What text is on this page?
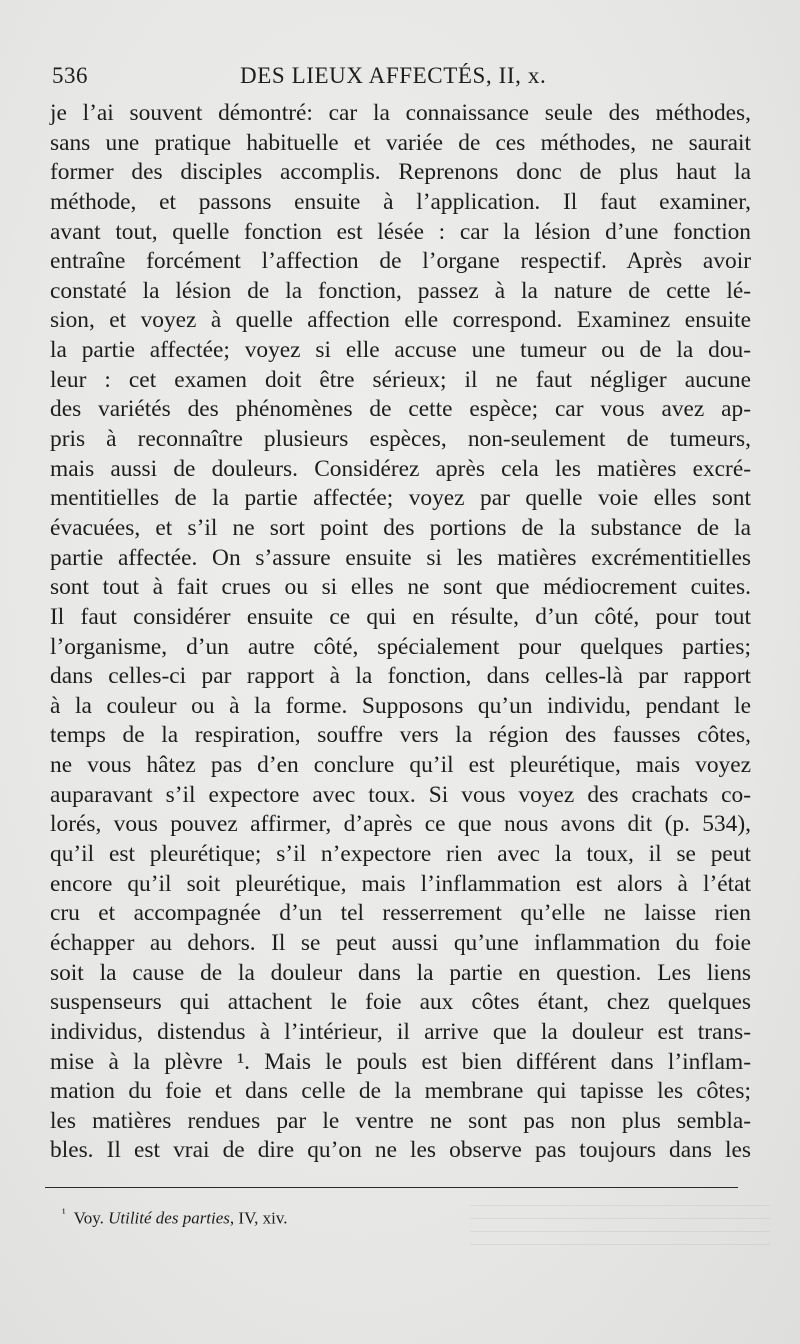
536	DES LIEUX AFFECTÉS, II, x.
je l’ai souvent démontré: car la connaissance seule des méthodes,
sans une pratique habituelle et variée de ces méthodes, ne saurait
former des disciples accomplis. Reprenons donc de plus haut la
méthode, et passons ensuite à l’application. Il faut examiner,
avant tout, quelle fonction est lésée : car la lésion d’une fonction
entraîne forcément l’affection de l’organe respectif. Après avoir
constaté la lésion de la fonction, passez à la nature de cette lé-
sion, et voyez à quelle affection elle correspond. Examinez ensuite
la partie affectée; voyez si elle accuse une tumeur ou de la dou-
leur : cet examen doit être sérieux; il ne faut négliger aucune
des variétés des phénomènes de cette espèce; car vous avez ap-
pris à reconnaître plusieurs espèces, non-seulement de tumeurs,
mais aussi de douleurs. Considérez après cela les matières excré-
mentitielles de la partie affectée; voyez par quelle voie elles sont
évacuées, et s’il ne sort point des portions de la substance de la
partie affectée. On s’assure ensuite si les matières excrémentitielles
sont tout à fait crues ou si elles ne sont que médiocrement cuites.
Il faut considérer ensuite ce qui en résulte, d’un côté, pour tout
l’organisme, d’un autre côté, spécialement pour quelques parties;
dans celles-ci par rapport à la fonction, dans celles-là par rapport
à la couleur ou à la forme. Supposons qu’un individu, pendant le
temps de la respiration, souffre vers la région des fausses côtes,
ne vous hâtez pas d’en conclure qu’il est pleurétique, mais voyez
auparavant s’il expectore avec toux. Si vous voyez des crachats co-
lorés, vous pouvez affirmer, d’après ce que nous avons dit (p. 534),
qu’il est pleurétique; s’il n’expectore rien avec la toux, il se peut
encore qu’il soit pleurétique, mais l’inflammation est alors à l’état
cru et accompagnée d’un tel resserrement qu’elle ne laisse rien
échapper au dehors. Il se peut aussi qu’une inflammation du foie
soit la cause de la douleur dans la partie en question. Les liens
suspenseurs qui attachent le foie aux côtes étant, chez quelques
individus, distendus à l’intérieur, il arrive que la douleur est trans-
mise à la plèvre ¹. Mais le pouls est bien différent dans l’inflam-
mation du foie et dans celle de la membrane qui tapisse les côtes;
les matières rendues par le ventre ne sont pas non plus sembla-
bles. Il est vrai de dire qu’on ne les observe pas toujours dans les
$^{^1}$ Voy. Utilité des parties, IV, xiv.
